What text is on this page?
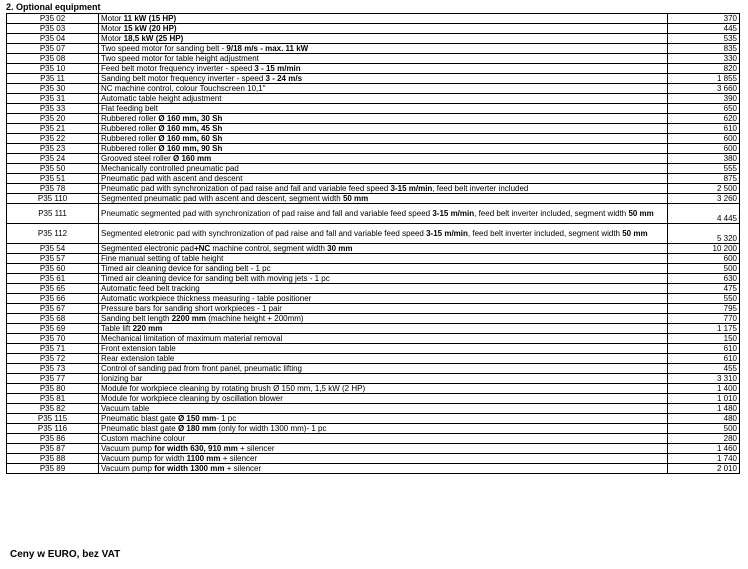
2. Optional equipment
P35 02	Motor 11 kW (15 HP)	370
P35 03	Motor 15 kW (20 HP)	445
P35 04	Motor 18,5 kW (25 HP)	535
P35 07	Two speed motor for sanding belt - 9/18 m/s - max. 11 kW	835
P35 08	Two speed motor for table height adjustment	330
P35 10	Feed belt motor frequency inverter - speed 3 - 15 m/min	820
P35 11	Sanding belt motor frequency inverter - speed 3 - 24 m/s	1 855
P35 30	NC machine control, colour Touchscreen 10,1"	3 660
P35 31	Automatic table height adjustment	390
P35 33	Flat feeding belt	650
P35 20	Rubbered roller Ø 160 mm, 30 Sh	620
P35 21	Rubbered roller Ø 160 mm, 45 Sh	610
P35 22	Rubbered roller Ø 160 mm, 60 Sh	600
P35 23	Rubbered roller Ø 160 mm, 90 Sh	600
P35 24	Grooved steel roller Ø 160 mm	380
P35 50	Mechanically controlled pneumatic pad	555
P35 51	Pneumatic pad with ascent and descent	875
P35 78	Pneumatic pad with synchronization of pad raise and fall and variable feed speed 3-15 m/min, feed belt inverter included	2 500
P35 110	Segmented pneumatic pad with ascent and descent, segment width 50 mm	3 260
P35 111	Pneumatic segmented pad with synchronization of pad raise and fall and variable feed speed 3-15 m/min, feed belt inverter included, segment width 50 mm	4 445
P35 112	Segmented eletronic pad with synchronization of pad raise and fall and variable feed speed 3-15 m/min, feed belt inverter included, segment width 50 mm	5 320
P35 54	Segmented electronic pad+NC machine control, segment width 30 mm	10 200
P35 57	Fine manual setting of table height	600
P35 60	Timed air cleaning device for sanding belt - 1 pc	500
P35 61	Timed air cleaning device for sanding belt with moving jets - 1 pc	630
P35 65	Automatic feed belt tracking	475
P35 66	Automatic workpiece thickness measuring - table positioner	550
P35 67	Pressure bars for sanding short workpieces - 1 pair	795
P35 68	Sanding belt length 2200 mm (machine height + 200mm)	770
P35 69	Table lift 220 mm	1 175
P35 70	Mechanical limitation of maximum material removal	150
P35 71	Front extension table	610
P35 72	Rear extension table	610
P35 73	Control of sanding pad from front panel, pneumatic lifting	455
P35 77	Ionizing bar	3 310
P35 80	Module for workpiece cleaning by rotating brush Ø 150 mm, 1,5 kW (2 HP)	1 400
P35 81	Module for workpiece cleaning by oscillation blower	1 010
P35 82	Vacuum table	1 480
P35 115	Pneumatic blast gate Ø 150 mm- 1 pc	480
P35 116	Pneumatic blast gate Ø 180 mm (only for width 1300 mm)- 1 pc	500
P35 86	Custom machine colour	280
P35 87	Vacuum pump for width 630, 910 mm + silencer	1 460
P35 88	Vacuum pump for width 1100 mm + silencer	1 740
P35 89	Vacuum pump for width 1300 mm + silencer	2 010
Ceny w EURO, bez VAT
